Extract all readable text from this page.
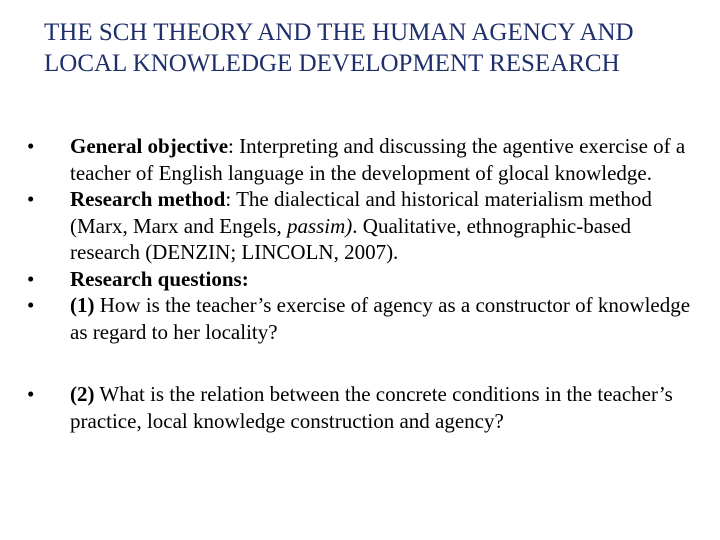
THE SCH THEORY AND THE HUMAN AGENCY AND LOCAL KNOWLEDGE DEVELOPMENT RESEARCH
•	General objective: Interpreting and discussing the agentive exercise of a teacher of English language in the development of glocal knowledge.
•	Research method: The dialectical and historical materialism method (Marx, Marx and Engels, passim). Qualitative, ethnographic-based research (DENZIN; LINCOLN, 2007).
•	Research questions:
•	(1) How is the teacher’s exercise of agency as a constructor of knowledge as regard to her locality?
•	(2) What is the relation between the concrete conditions in the teacher’s practice, local knowledge construction and agency?
